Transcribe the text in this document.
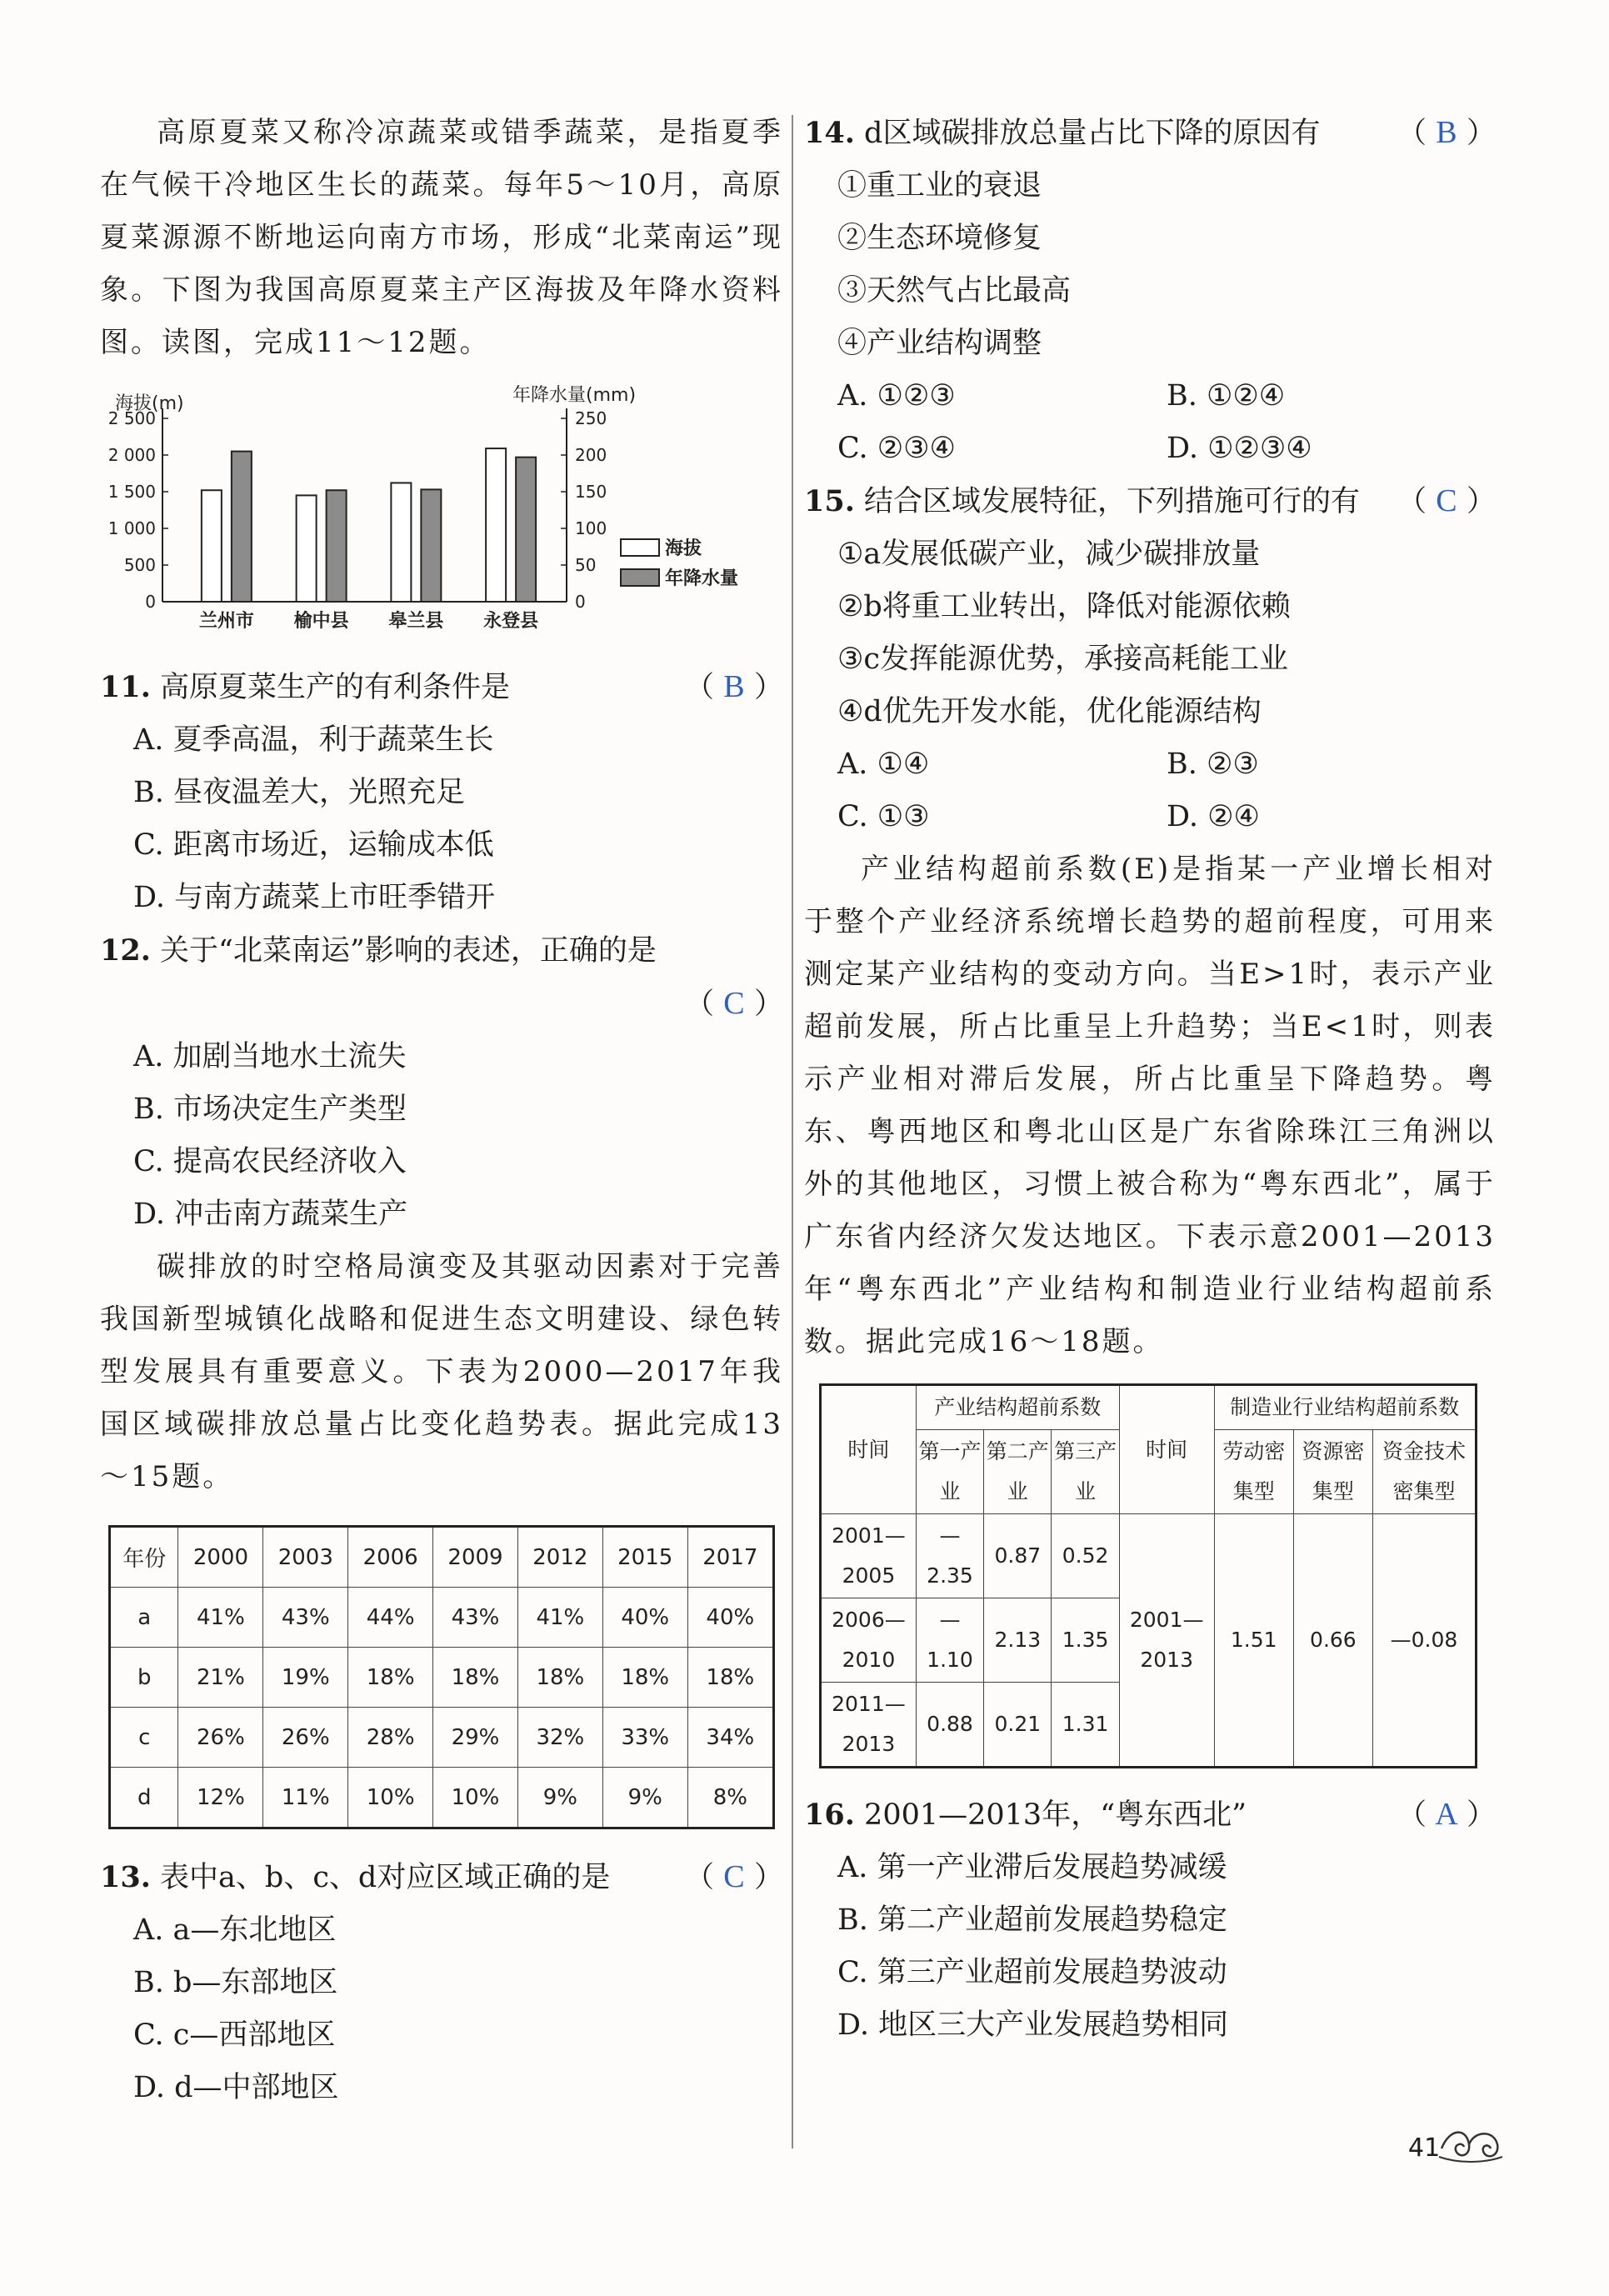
高原夏菜又称冷凉蔬菜或错季蔬菜，是指夏季在气候干冷地区生长的蔬菜。每年5～10月，高原夏菜源源不断地运向南方市场，形成“北菜南运”现象。下图为我国高原夏菜主产区海拔及年降水资料图。读图，完成11～12题。

海拔(m)	年降水量(mm)
2 500
2 000
1 500
1 000
500
0
250
200
150
100
50
0
兰州市 榆中县 皋兰县 永登县
海拔
年降水量

11. 高原夏菜生产的有利条件是	（ B ）

A. 夏季高温，利于蔬菜生长

B. 昼夜温差大，光照充足

C. 距离市场近，运输成本低

D. 与南方蔬菜上市旺季错开

12. 关于“北菜南运”影响的表述，正确的是

（ C ）

A. 加剧当地水土流失

B. 市场决定生产类型

C. 提高农民经济收入

D. 冲击南方蔬菜生产

碳排放的时空格局演变及其驱动因素对于完善我国新型城镇化战略和促进生态文明建设、绿色转型发展具有重要意义。下表为2000—2017年我国区域碳排放总量占比变化趋势表。据此完成13～15题。

年份	2000	2003	2006	2009	2012	2015	2017
a	41%	43%	44%	43%	41%	40%	40%
b	21%	19%	18%	18%	18%	18%	18%
c	26%	26%	28%	29%	32%	33%	34%
d	12%	11%	10%	10%	9%	9%	8%

13. 表中a、b、c、d对应区域正确的是	（ C ）

A. a—东北地区

B. b—东部地区

C. c—西部地区

D. d—中部地区

14. d区域碳排放总量占比下降的原因有	（ B ）

①重工业的衰退

②生态环境修复

③天然气占比最高

④产业结构调整

A. ①②③	B. ①②④

C. ②③④	D. ①②③④

15. 结合区域发展特征，下列措施可行的有 （ C ）

①a发展低碳产业，减少碳排放量

②b将重工业转出，降低对能源依赖

③c发挥能源优势，承接高耗能工业

④d优先开发水能，优化能源结构

A. ①④	B. ②③

C. ①③	D. ②④

产业结构超前系数(E)是指某一产业增长相对于整个产业经济系统增长趋势的超前程度，可用来测定某产业结构的变动方向。当E>1时，表示产业超前发展，所占比重呈上升趋势；当E<1时，则表示产业相对滞后发展，所占比重呈下降趋势。粤东、粤西地区和粤北山区是广东省除珠江三角洲以外的其他地区，习惯上被合称为“粤东西北”，属于广东省内经济欠发达地区。下表示意2001—2013年“粤东西北”产业结构和制造业行业结构超前系数。据此完成16～18题。

时间	产业结构超前系数			时间	制造业行业结构超前系数		
	第一产业	第二产业	第三产业		劳动密集型	资源密集型	资金技术密集型
2001—2005	—2.35	0.87	0.52	2001—2013	1.51	0.66	—0.08
2006—2010	—1.10	2.13	1.35				
2011—2013	0.88	0.21	1.31				

16. 2001—2013年，“粤东西北”	（ A ）

A. 第一产业滞后发展趋势减缓

B. 第二产业超前发展趋势稳定

C. 第三产业超前发展趋势波动

D. 地区三大产业发展趋势相同

41
